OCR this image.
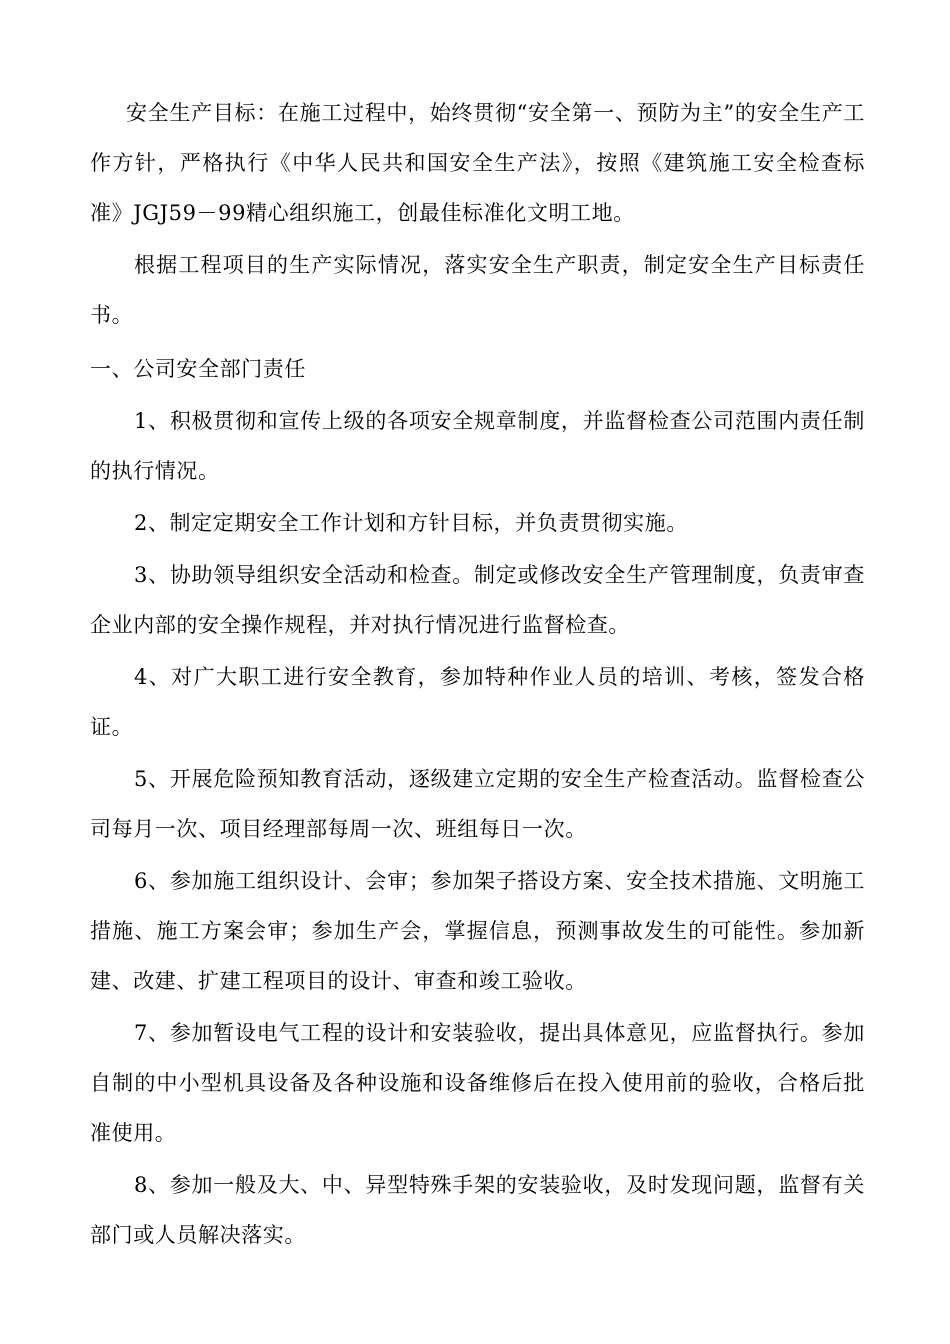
安全生产目标：在施工过程中，始终贯彻“安全第一、预防为主”的安全生产工作方针，严格执行《中华人民共和国安全生产法》，按照《建筑施工安全检查标准》JGJ59－99精心组织施工，创最佳标准化文明工地。

根据工程项目的生产实际情况，落实安全生产职责，制定安全生产目标责任书。

一、公司安全部门责任

1、积极贯彻和宣传上级的各项安全规章制度，并监督检查公司范围内责任制的执行情况。

2、制定定期安全工作计划和方针目标，并负责贯彻实施。

3、协助领导组织安全活动和检查。制定或修改安全生产管理制度，负责审查企业内部的安全操作规程，并对执行情况进行监督检查。

4、对广大职工进行安全教育，参加特种作业人员的培训、考核，签发合格证。

5、开展危险预知教育活动，逐级建立定期的安全生产检查活动。监督检查公司每月一次、项目经理部每周一次、班组每日一次。

6、参加施工组织设计、会审；参加架子搭设方案、安全技术措施、文明施工措施、施工方案会审；参加生产会，掌握信息，预测事故发生的可能性。参加新建、改建、扩建工程项目的设计、审查和竣工验收。

7、参加暂设电气工程的设计和安装验收，提出具体意见，应监督执行。参加自制的中小型机具设备及各种设施和设备维修后在投入使用前的验收，合格后批准使用。

8、参加一般及大、中、异型特殊手架的安装验收，及时发现问题，监督有关部门或人员解决落实。
